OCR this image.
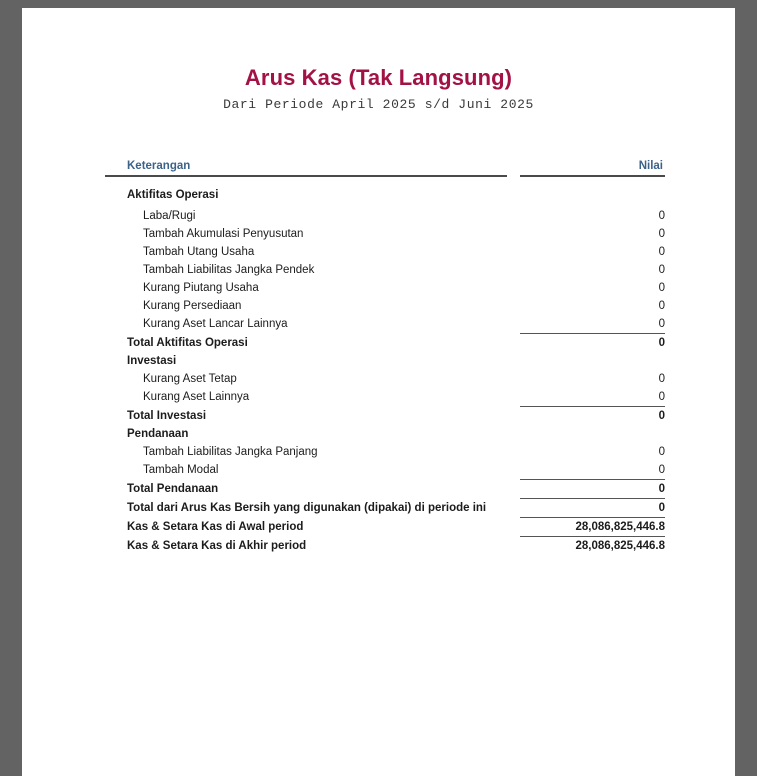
Arus Kas (Tak Langsung)
Dari Periode April 2025 s/d Juni 2025
Keterangan		Nilai
Aktifitas Operasi		
Laba/Rugi		0
Tambah Akumulasi Penyusutan		0
Tambah Utang Usaha		0
Tambah Liabilitas Jangka Pendek		0
Kurang Piutang Usaha		0
Kurang Persediaan		0
Kurang Aset Lancar Lainnya		0
Total Aktifitas Operasi		0
Investasi		
Kurang Aset Tetap		0
Kurang Aset Lainnya		0
Total Investasi		0
Pendanaan		
Tambah Liabilitas Jangka Panjang		0
Tambah Modal		0
Total Pendanaan		0
Total dari Arus Kas Bersih yang digunakan (dipakai) di periode ini		0
Kas & Setara Kas di Awal period		28,086,825,446.8
Kas & Setara Kas di Akhir period		28,086,825,446.8
